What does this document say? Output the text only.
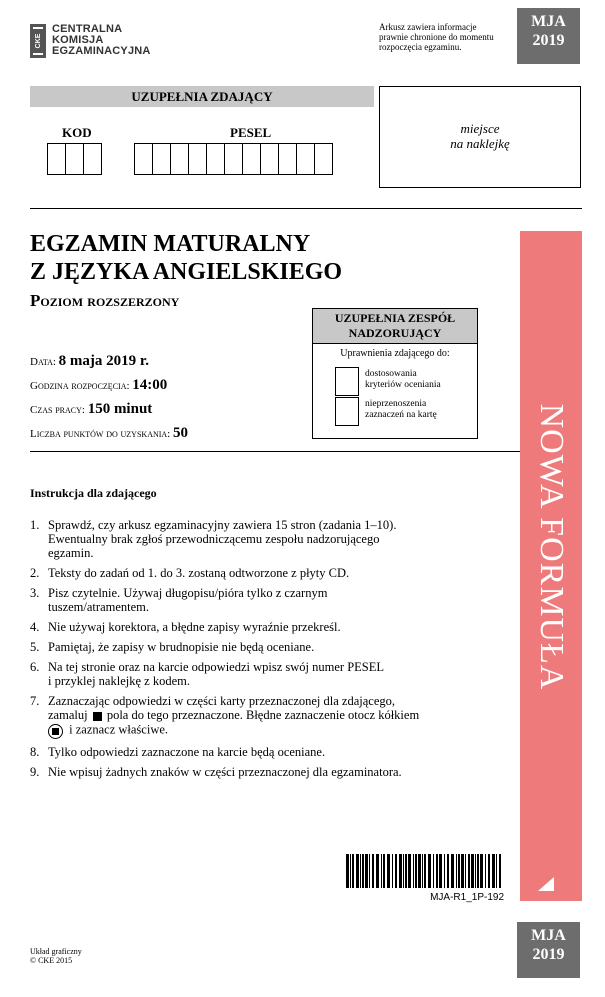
CKE
CENTRALNA
KOMISJA
EGZAMINACYJNA
Arkusz zawiera informacje
prawnie chronione do momentu
rozpoczęcia egzaminu.
MJA
2019
UZUPEŁNIA ZDAJĄCY
KOD	PESEL	miejsce
na naklejkę
EGZAMIN MATURALNY
Z JĘZYKA ANGIELSKIEGO
Poziom rozszerzony
Data: 8 maja 2019 r.
Godzina rozpoczęcia: 14:00
Czas pracy: 150 minut
Liczba punktów do uzyskania: 50
UZUPEŁNIA ZESPÓŁ
NADZORUJĄCY
Uprawnienia zdającego do:
dostosowania
kryteriów oceniania
nieprzenoszenia
zaznaczeń na kartę	NOWA FORMUŁA
Instrukcja dla zdającego
1. Sprawdź, czy arkusz egzaminacyjny zawiera 15 stron (zadania 1–10).
Ewentualny brak zgłoś przewodniczącemu zespołu nadzorującego
egzamin.
2. Teksty do zadań od 1. do 3. zostaną odtworzone z płyty CD.
3. Pisz czytelnie. Używaj długopisu/pióra tylko z czarnym
tuszem/atramentem.
4. Nie używaj korektora, a błędne zapisy wyraźnie przekreśl.
5. Pamiętaj, że zapisy w brudnopisie nie będą oceniane.
6. Na tej stronie oraz na karcie odpowiedzi wpisz swój numer PESEL
i przyklej naklejkę z kodem.
7. Zaznaczając odpowiedzi w części karty przeznaczonej dla zdającego,
zamaluj pola do tego przeznaczone. Błędne zaznaczenie otocz kółkiem
i zaznacz właściwe.
8. Tylko odpowiedzi zaznaczone na karcie będą oceniane.
9. Nie wpisuj żadnych znaków w części przeznaczonej dla egzaminatora.
MJA-R1_1P-192
Układ graficzny
© CKE 2015
MJA
2019
